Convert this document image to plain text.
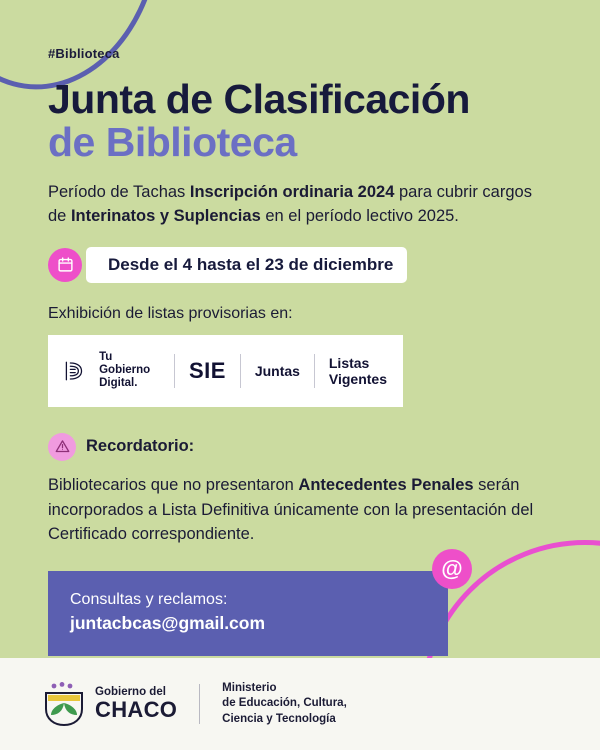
#Biblioteca
Junta de Clasificación
de Biblioteca

Período de Tachas Inscripción ordinaria 2024 para cubrir cargos de Interinatos y Suplencias en el período lectivo 2025.

Desde el 4 hasta el 23 de diciembre
Exhibición de listas provisorias en:
Tu Gobierno
Digital.
SIE Juntas
Listas
Vigentes
Recordatorio:

Bibliotecarios que no presentaron Antecedentes Penales serán incorporados a Lista Definitiva únicamente con la presentación del Certificado correspondiente.

@
Consultas y reclamos:
juntacbcas@gmail.com
Gobierno del
CHACO
Ministerio
de Educación, Cultura,
Ciencia y Tecnología
